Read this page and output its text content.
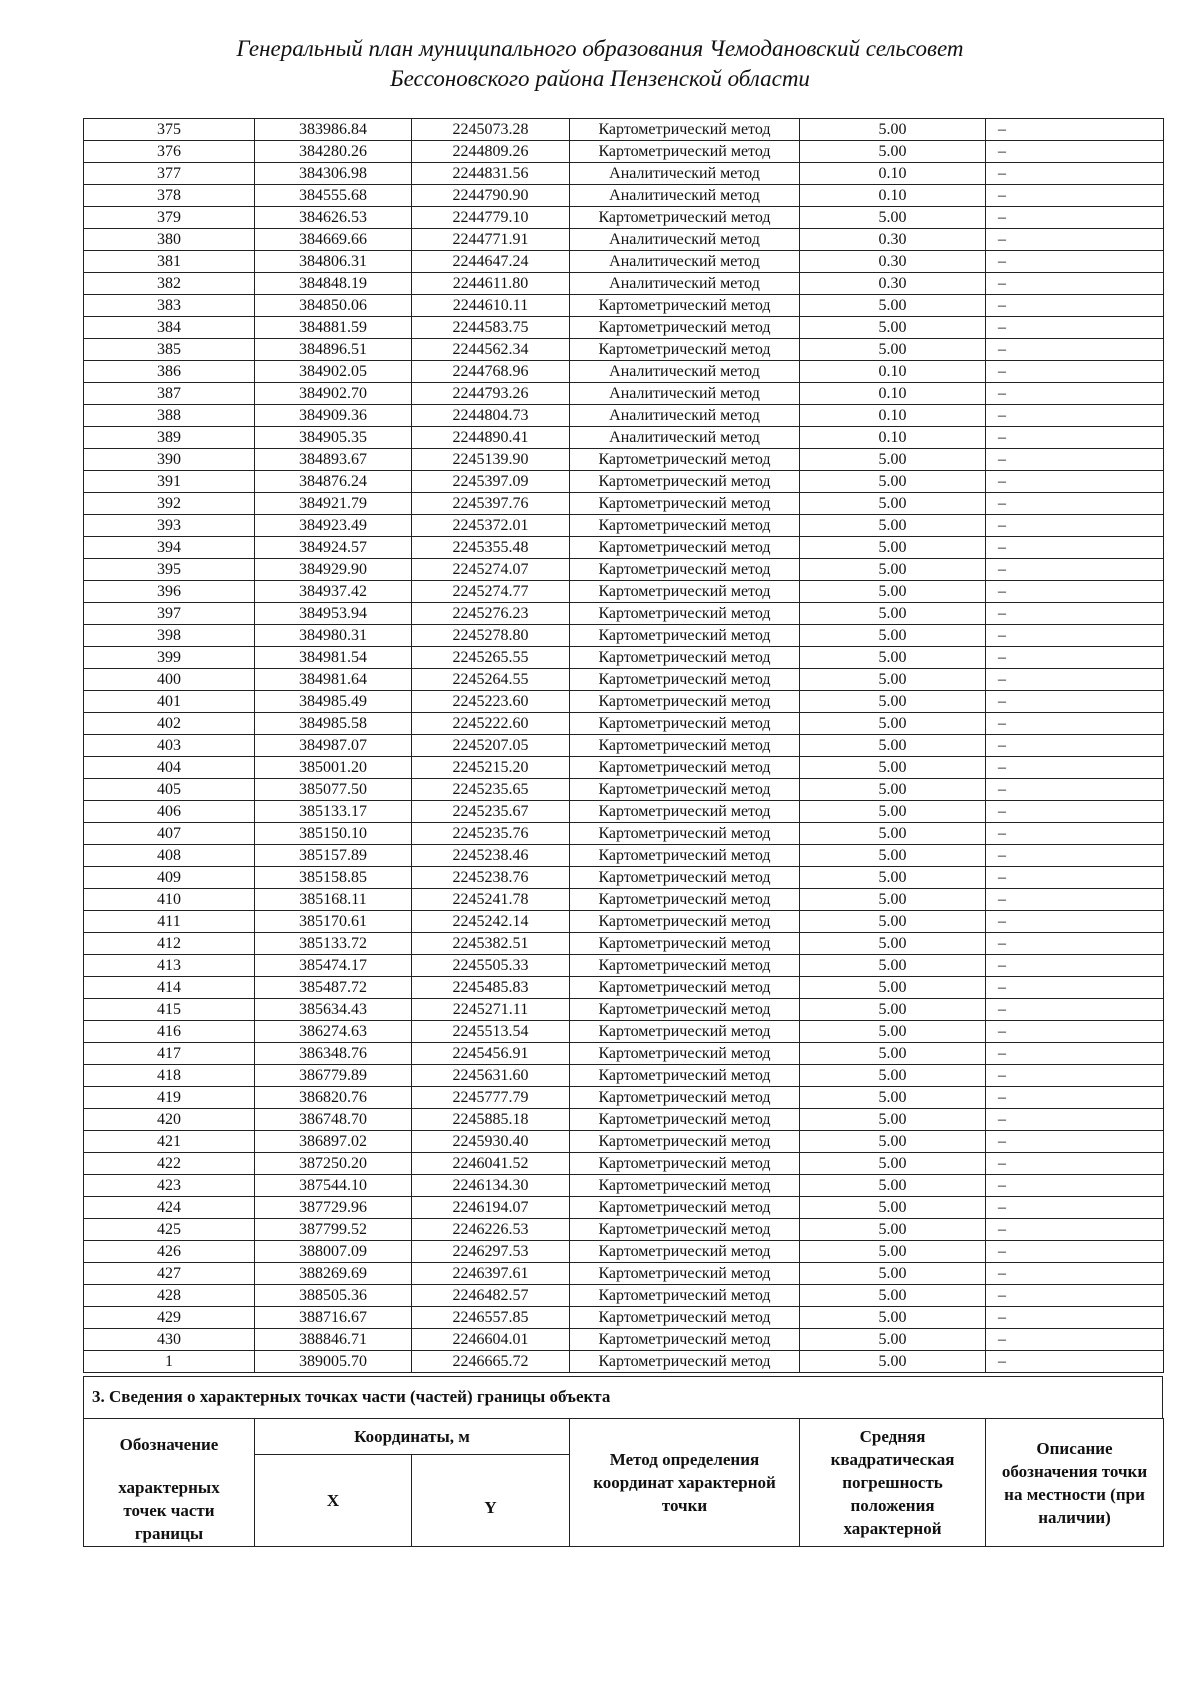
Генеральный план муниципального образования Чемодановский сельсовет
Бессоновского района Пензенской области
375	383986.84	2245073.28	Картометрический метод	5.00	–
376	384280.26	2244809.26	Картометрический метод	5.00	–
377	384306.98	2244831.56	Аналитический метод	0.10	–
378	384555.68	2244790.90	Аналитический метод	0.10	–
379	384626.53	2244779.10	Картометрический метод	5.00	–
380	384669.66	2244771.91	Аналитический метод	0.30	–
381	384806.31	2244647.24	Аналитический метод	0.30	–
382	384848.19	2244611.80	Аналитический метод	0.30	–
383	384850.06	2244610.11	Картометрический метод	5.00	–
384	384881.59	2244583.75	Картометрический метод	5.00	–
385	384896.51	2244562.34	Картометрический метод	5.00	–
386	384902.05	2244768.96	Аналитический метод	0.10	–
387	384902.70	2244793.26	Аналитический метод	0.10	–
388	384909.36	2244804.73	Аналитический метод	0.10	–
389	384905.35	2244890.41	Аналитический метод	0.10	–
390	384893.67	2245139.90	Картометрический метод	5.00	–
391	384876.24	2245397.09	Картометрический метод	5.00	–
392	384921.79	2245397.76	Картометрический метод	5.00	–
393	384923.49	2245372.01	Картометрический метод	5.00	–
394	384924.57	2245355.48	Картометрический метод	5.00	–
395	384929.90	2245274.07	Картометрический метод	5.00	–
396	384937.42	2245274.77	Картометрический метод	5.00	–
397	384953.94	2245276.23	Картометрический метод	5.00	–
398	384980.31	2245278.80	Картометрический метод	5.00	–
399	384981.54	2245265.55	Картометрический метод	5.00	–
400	384981.64	2245264.55	Картометрический метод	5.00	–
401	384985.49	2245223.60	Картометрический метод	5.00	–
402	384985.58	2245222.60	Картометрический метод	5.00	–
403	384987.07	2245207.05	Картометрический метод	5.00	–
404	385001.20	2245215.20	Картометрический метод	5.00	–
405	385077.50	2245235.65	Картометрический метод	5.00	–
406	385133.17	2245235.67	Картометрический метод	5.00	–
407	385150.10	2245235.76	Картометрический метод	5.00	–
408	385157.89	2245238.46	Картометрический метод	5.00	–
409	385158.85	2245238.76	Картометрический метод	5.00	–
410	385168.11	2245241.78	Картометрический метод	5.00	–
411	385170.61	2245242.14	Картометрический метод	5.00	–
412	385133.72	2245382.51	Картометрический метод	5.00	–
413	385474.17	2245505.33	Картометрический метод	5.00	–
414	385487.72	2245485.83	Картометрический метод	5.00	–
415	385634.43	2245271.11	Картометрический метод	5.00	–
416	386274.63	2245513.54	Картометрический метод	5.00	–
417	386348.76	2245456.91	Картометрический метод	5.00	–
418	386779.89	2245631.60	Картометрический метод	5.00	–
419	386820.76	2245777.79	Картометрический метод	5.00	–
420	386748.70	2245885.18	Картометрический метод	5.00	–
421	386897.02	2245930.40	Картометрический метод	5.00	–
422	387250.20	2246041.52	Картометрический метод	5.00	–
423	387544.10	2246134.30	Картометрический метод	5.00	–
424	387729.96	2246194.07	Картометрический метод	5.00	–
425	387799.52	2246226.53	Картометрический метод	5.00	–
426	388007.09	2246297.53	Картометрический метод	5.00	–
427	388269.69	2246397.61	Картометрический метод	5.00	–
428	388505.36	2246482.57	Картометрический метод	5.00	–
429	388716.67	2246557.85	Картометрический метод	5.00	–
430	388846.71	2246604.01	Картометрический метод	5.00	–
1	389005.70	2246665.72	Картометрический метод	5.00	–
3. Сведения о характерных точках части (частей) границы объекта
Обозначение
характерных точек части границы	Координаты, м		Метод определения координат характерной точки	Средняя квадратическая погрешность положения характерной	Описание обозначения точки на местности (при наличии)
	X	Y			
